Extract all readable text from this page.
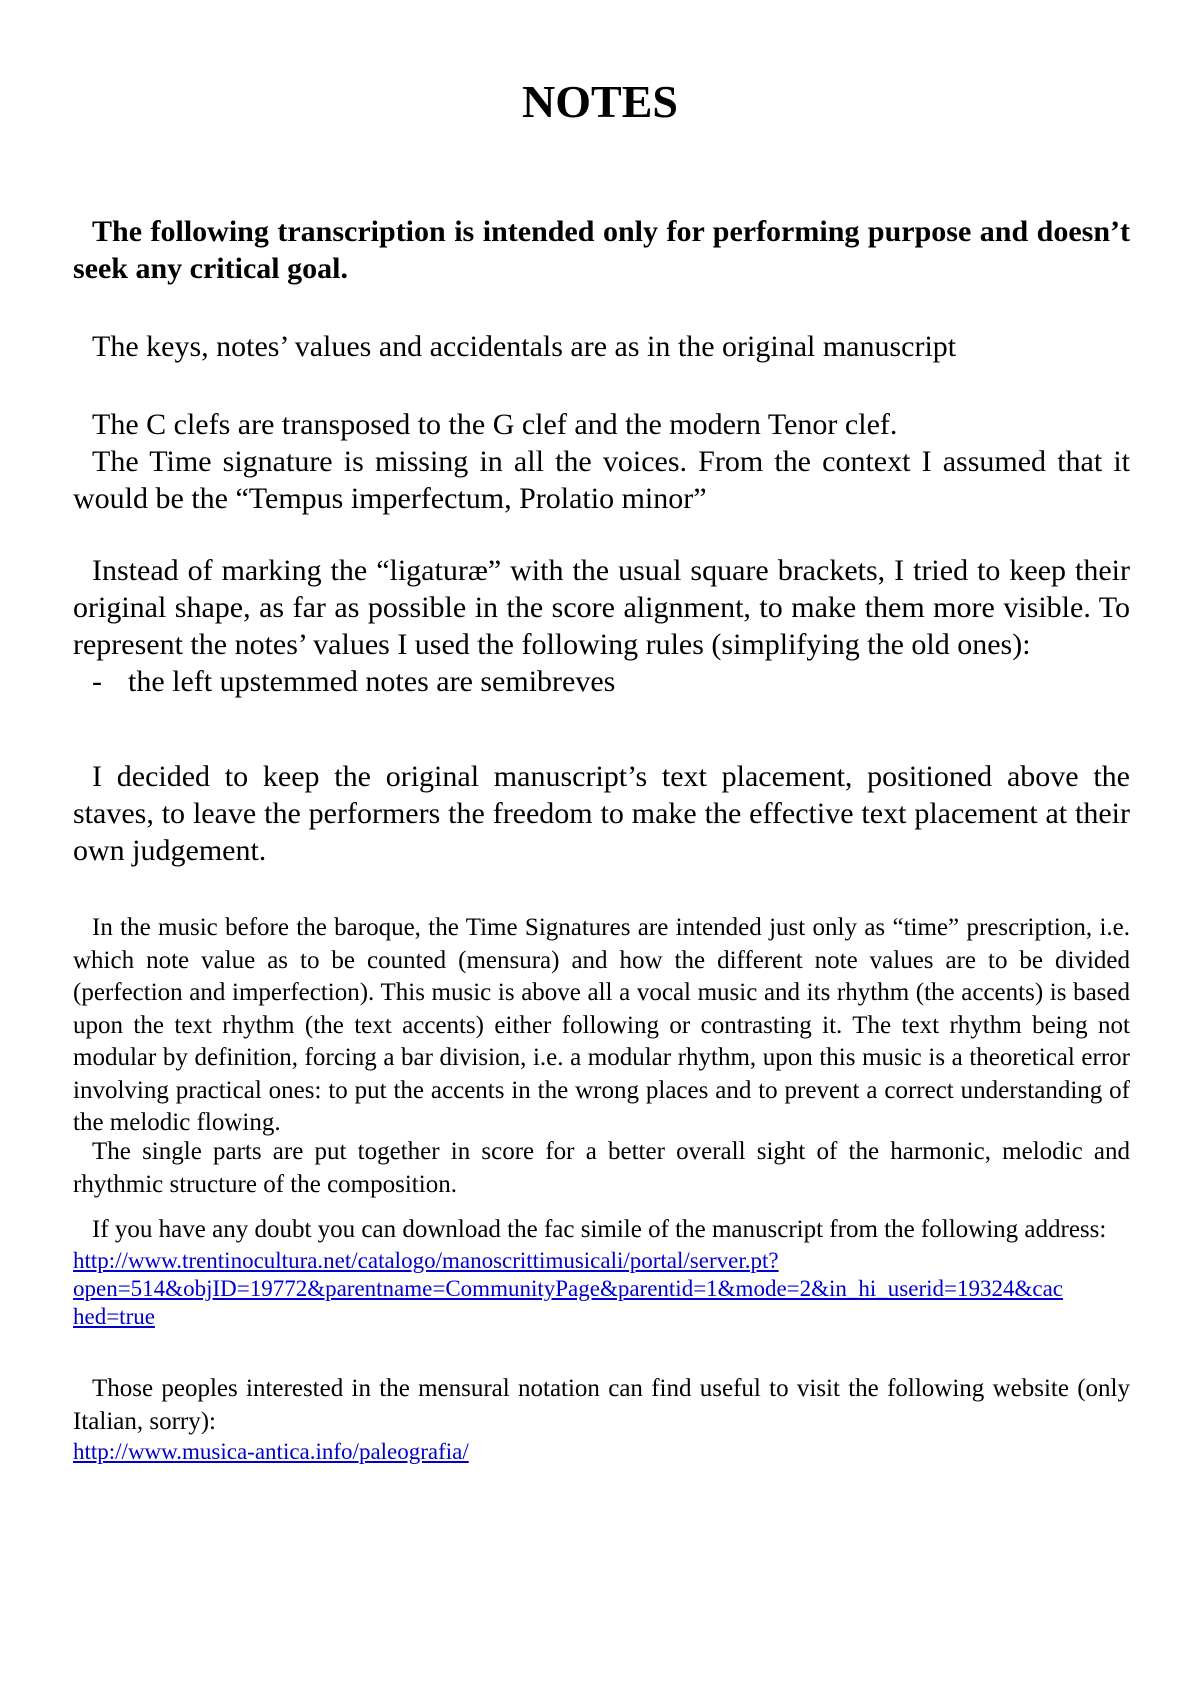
NOTES

The following transcription is intended only for performing purpose and doesn’t seek any critical goal.

The keys, notes’ values and accidentals are as in the original manuscript

The C clefs are transposed to the G clef and the modern Tenor clef.
The Time signature is missing in all the voices. From the context I assumed that it would be the “Tempus imperfectum, Prolatio minor”
Instead of marking the “ligaturæ” with the usual square brackets, I tried to keep their original shape, as far as possible in the score alignment, to make them more visible. To represent the notes’ values I used the following rules (simplifying the old ones):
- the left upstemmed notes are semibreves

I decided to keep the original manuscript’s text placement, positioned above the staves, to leave the performers the freedom to make the effective text placement at their own judgement.

In the music before the baroque, the Time Signatures are intended just only as “time” prescription, i.e. which note value as to be counted (mensura) and how the different note values are to be divided (perfection and imperfection). This music is above all a vocal music and its rhythm (the accents) is based upon the text rhythm (the text accents) either following or contrasting it. The text rhythm being not modular by definition, forcing a bar division, i.e. a modular rhythm, upon this music is a theoretical error involving practical ones: to put the accents in the wrong places and to prevent a correct understanding of the melodic flowing.

The single parts are put together in score for a better overall sight of the harmonic, melodic and rhythmic structure of the composition.

If you have any doubt you can download the fac simile of the manuscript from the following address:
http://www.trentinocultura.net/catalogo/manoscrittimusicali/portal/server.pt?
open=514&objID=19772&parentname=CommunityPage&parentid=1&mode=2&in_hi_userid=19324&cac
hed=true
Those peoples interested in the mensural notation can find useful to visit the following website (only Italian, sorry):
http://www.musica-antica.info/paleografia/
